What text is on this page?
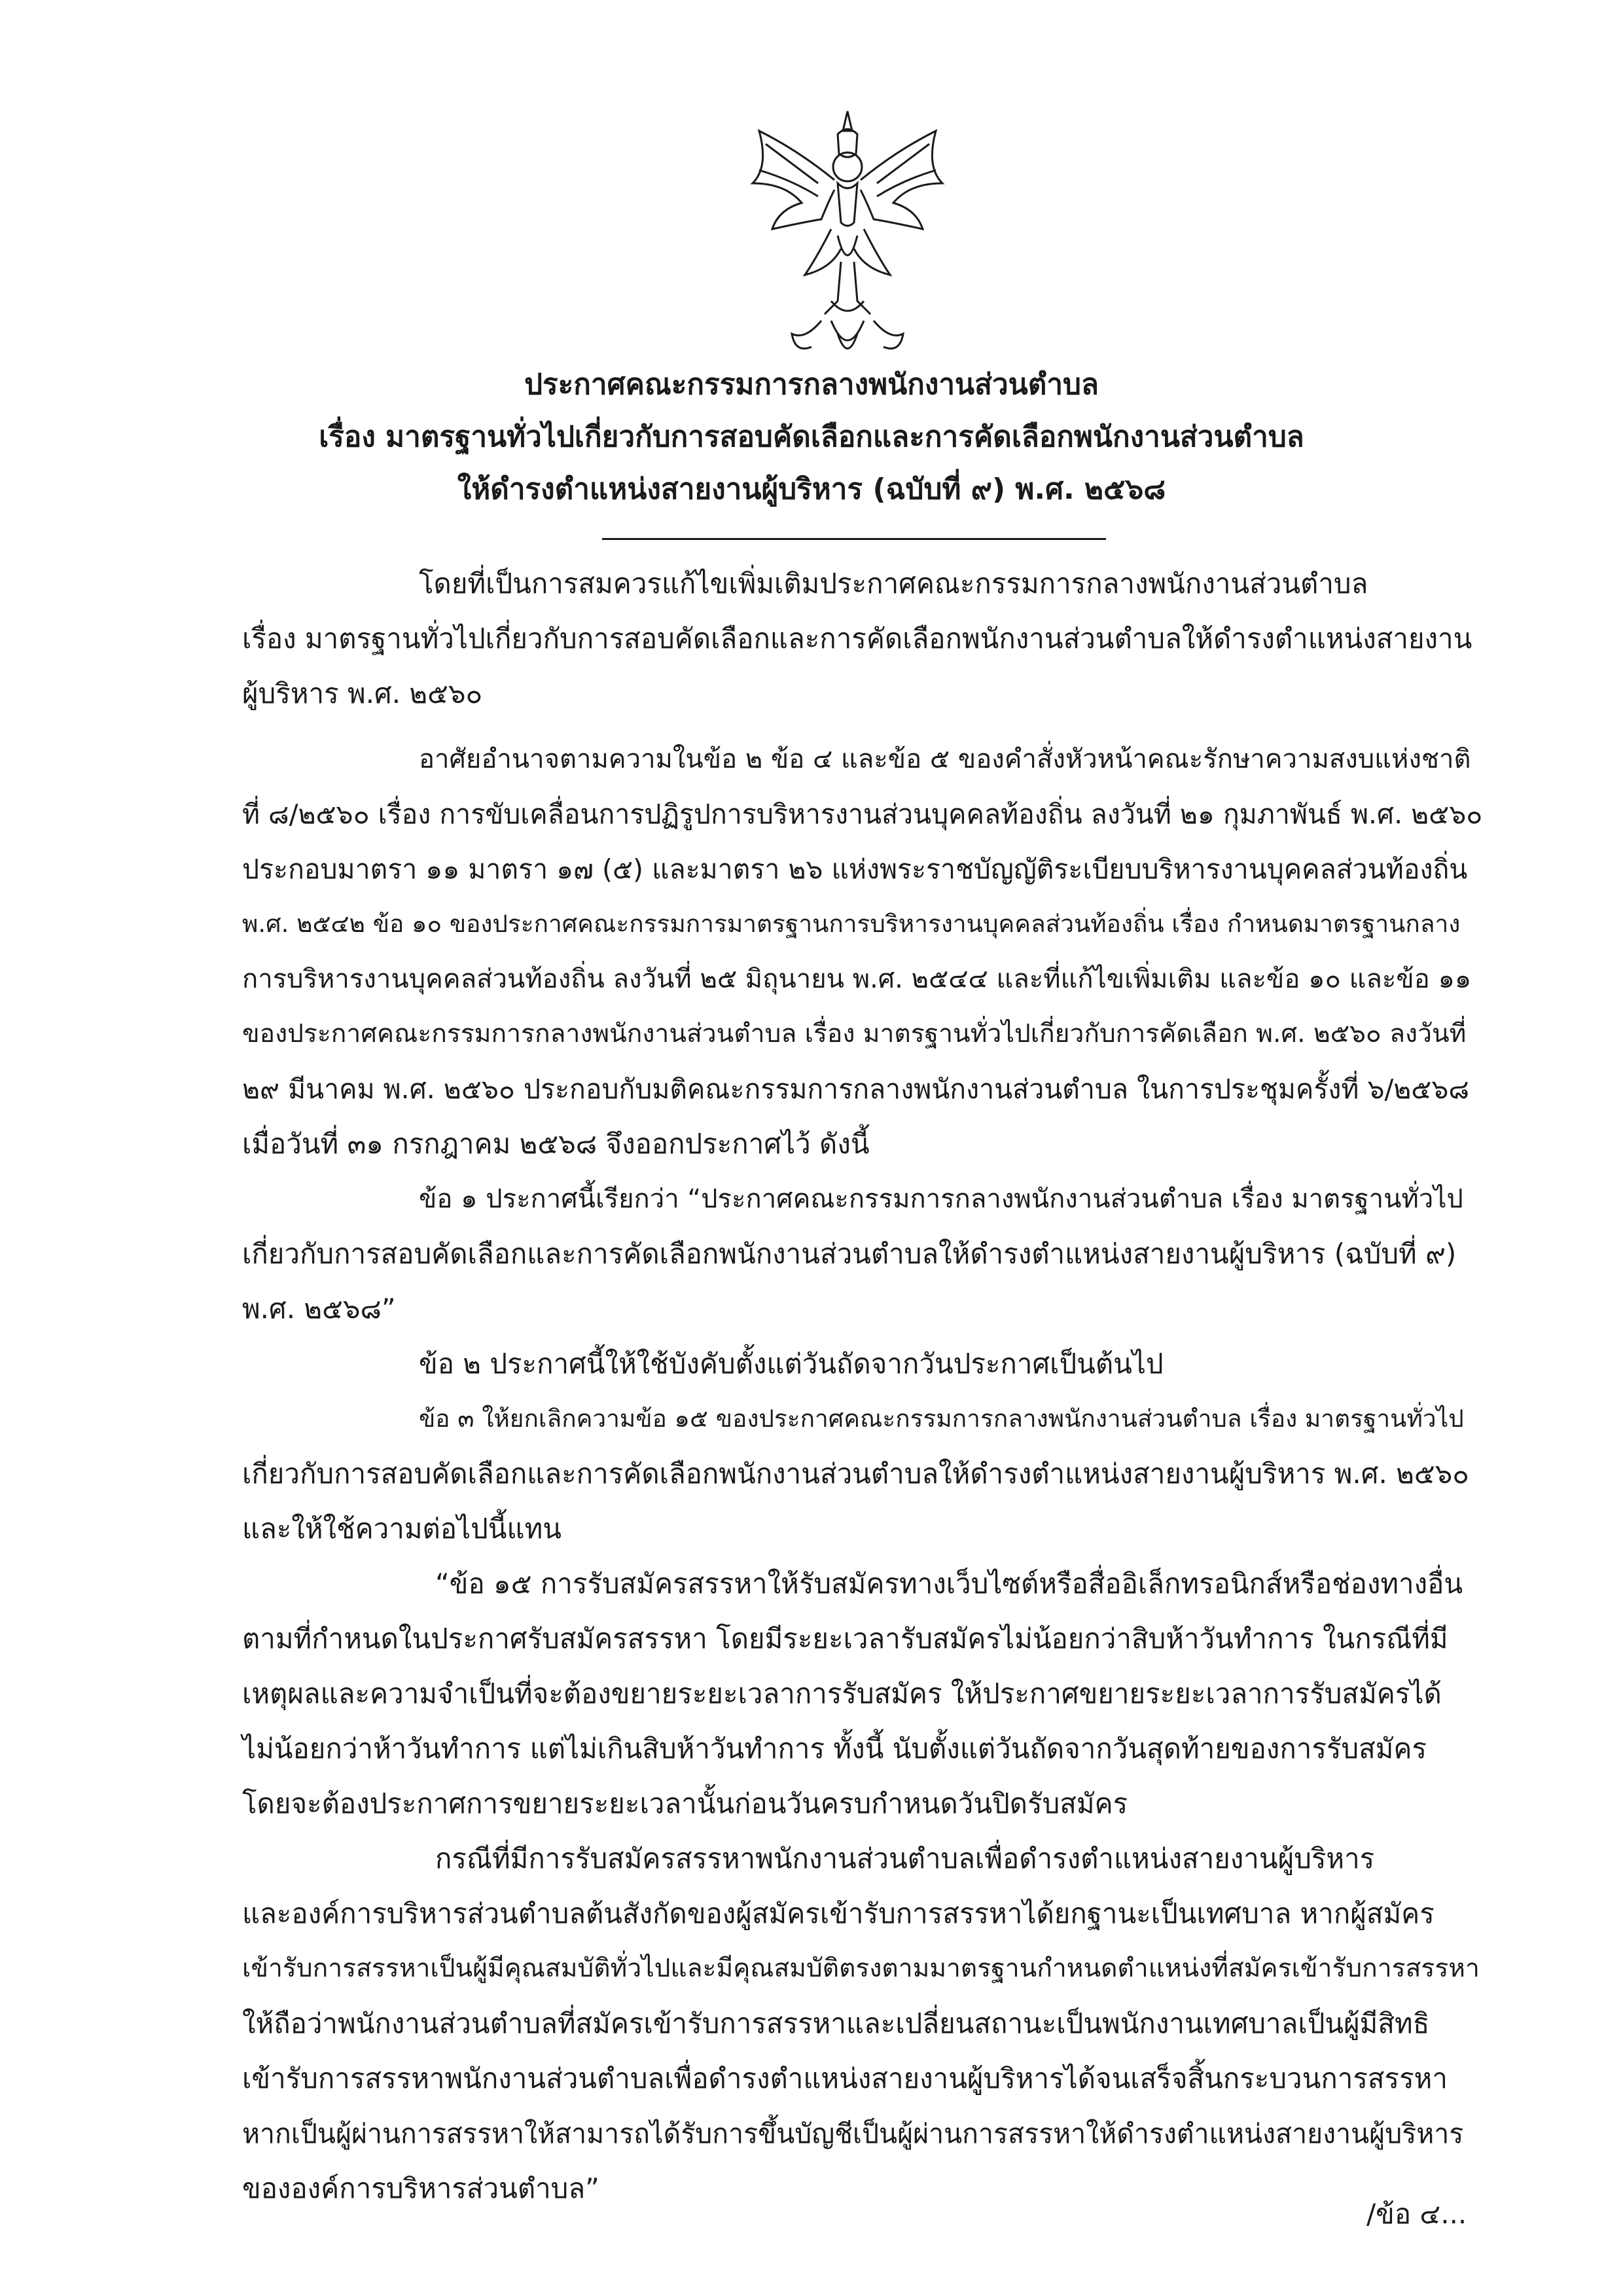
ประกาศคณะกรรมการกลางพนักงานส่วนตำบล
เรื่อง มาตรฐานทั่วไปเกี่ยวกับการสอบคัดเลือกและการคัดเลือกพนักงานส่วนตำบล
ให้ดำรงตำแหน่งสายงานผู้บริหาร (ฉบับที่ ๙) พ.ศ. ๒๕๖๘
โดยที่เป็นการสมควรแก้ไขเพิ่มเติมประกาศคณะกรรมการกลางพนักงานส่วนตำบล
เรื่อง มาตรฐานทั่วไปเกี่ยวกับการสอบคัดเลือกและการคัดเลือกพนักงานส่วนตำบลให้ดำรงตำแหน่งสายงาน
ผู้บริหาร พ.ศ. ๒๕๖๐
อาศัยอำนาจตามความในข้อ ๒ ข้อ ๔ และข้อ ๕ ของคำสั่งหัวหน้าคณะรักษาความสงบแห่งชาติ
ที่ ๘/๒๕๖๐ เรื่อง การขับเคลื่อนการปฏิรูปการบริหารงานส่วนบุคคลท้องถิ่น ลงวันที่ ๒๑ กุมภาพันธ์ พ.ศ. ๒๕๖๐
ประกอบมาตรา ๑๑ มาตรา ๑๗ (๕) และมาตรา ๒๖ แห่งพระราชบัญญัติระเบียบบริหารงานบุคคลส่วนท้องถิ่น
พ.ศ. ๒๕๔๒ ข้อ ๑๐ ของประกาศคณะกรรมการมาตรฐานการบริหารงานบุคคลส่วนท้องถิ่น เรื่อง กำหนดมาตรฐานกลาง
การบริหารงานบุคคลส่วนท้องถิ่น ลงวันที่ ๒๕ มิถุนายน พ.ศ. ๒๕๔๔ และที่แก้ไขเพิ่มเติม และข้อ ๑๐ และข้อ ๑๑
ของประกาศคณะกรรมการกลางพนักงานส่วนตำบล เรื่อง มาตรฐานทั่วไปเกี่ยวกับการคัดเลือก พ.ศ. ๒๕๖๐ ลงวันที่
๒๙ มีนาคม พ.ศ. ๒๕๖๐ ประกอบกับมติคณะกรรมการกลางพนักงานส่วนตำบล ในการประชุมครั้งที่ ๖/๒๕๖๘
เมื่อวันที่ ๓๑ กรกฎาคม ๒๕๖๘ จึงออกประกาศไว้ ดังนี้
ข้อ ๑ ประกาศนี้เรียกว่า “ประกาศคณะกรรมการกลางพนักงานส่วนตำบล เรื่อง มาตรฐานทั่วไป
เกี่ยวกับการสอบคัดเลือกและการคัดเลือกพนักงานส่วนตำบลให้ดำรงตำแหน่งสายงานผู้บริหาร (ฉบับที่ ๙)
พ.ศ. ๒๕๖๘”
ข้อ ๒ ประกาศนี้ให้ใช้บังคับตั้งแต่วันถัดจากวันประกาศเป็นต้นไป
ข้อ ๓ ให้ยกเลิกความข้อ ๑๕ ของประกาศคณะกรรมการกลางพนักงานส่วนตำบล เรื่อง มาตรฐานทั่วไป
เกี่ยวกับการสอบคัดเลือกและการคัดเลือกพนักงานส่วนตำบลให้ดำรงตำแหน่งสายงานผู้บริหาร พ.ศ. ๒๕๖๐
และให้ใช้ความต่อไปนี้แทน
“ข้อ ๑๕ การรับสมัครสรรหาให้รับสมัครทางเว็บไซต์หรือสื่ออิเล็กทรอนิกส์หรือช่องทางอื่น
ตามที่กำหนดในประกาศรับสมัครสรรหา โดยมีระยะเวลารับสมัครไม่น้อยกว่าสิบห้าวันทำการ ในกรณีที่มี
เหตุผลและความจำเป็นที่จะต้องขยายระยะเวลาการรับสมัคร ให้ประกาศขยายระยะเวลาการรับสมัครได้
ไม่น้อยกว่าห้าวันทำการ แต่ไม่เกินสิบห้าวันทำการ ทั้งนี้ นับตั้งแต่วันถัดจากวันสุดท้ายของการรับสมัคร
โดยจะต้องประกาศการขยายระยะเวลานั้นก่อนวันครบกำหนดวันปิดรับสมัคร
กรณีที่มีการรับสมัครสรรหาพนักงานส่วนตำบลเพื่อดำรงตำแหน่งสายงานผู้บริหาร
และองค์การบริหารส่วนตำบลต้นสังกัดของผู้สมัครเข้ารับการสรรหาได้ยกฐานะเป็นเทศบาล หากผู้สมัคร
เข้ารับการสรรหาเป็นผู้มีคุณสมบัติทั่วไปและมีคุณสมบัติตรงตามมาตรฐานกำหนดตำแหน่งที่สมัครเข้ารับการสรรหา
ให้ถือว่าพนักงานส่วนตำบลที่สมัครเข้ารับการสรรหาและเปลี่ยนสถานะเป็นพนักงานเทศบาลเป็นผู้มีสิทธิ
เข้ารับการสรรหาพนักงานส่วนตำบลเพื่อดำรงตำแหน่งสายงานผู้บริหารได้จนเสร็จสิ้นกระบวนการสรรหา
หากเป็นผู้ผ่านการสรรหาให้สามารถได้รับการขึ้นบัญชีเป็นผู้ผ่านการสรรหาให้ดำรงตำแหน่งสายงานผู้บริหาร
ขององค์การบริหารส่วนตำบล”
/ข้อ ๔...
